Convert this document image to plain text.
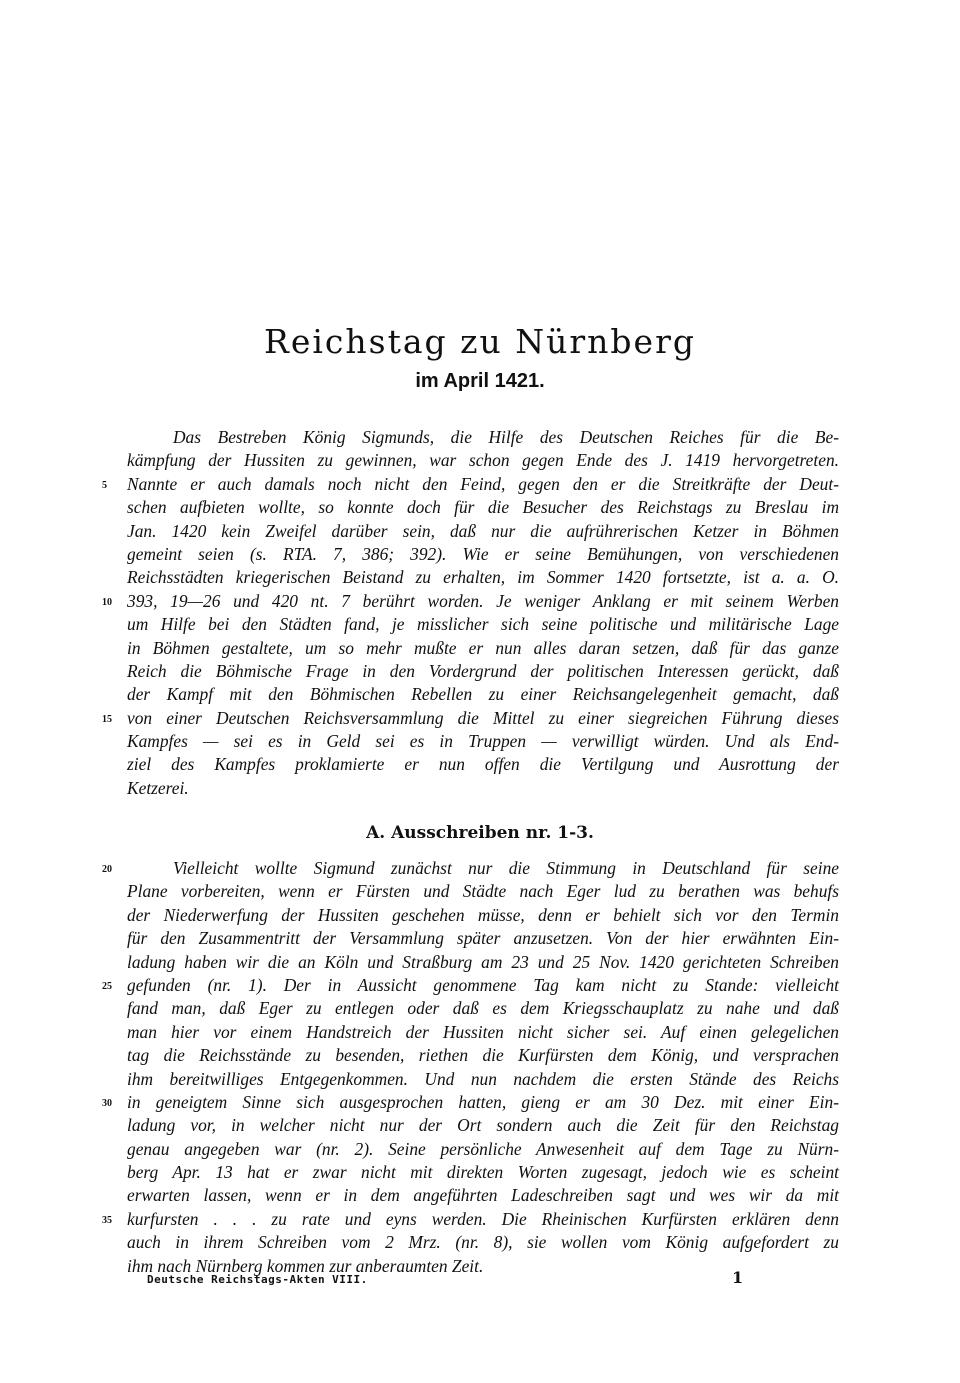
Reichstag zu Nürnberg
im April 1421.
Das Bestreben König Sigmunds, die Hilfe des Deutschen Reiches für die Be-
kämpfung der Hussiten zu gewinnen, war schon gegen Ende des J. 1419 hervorgetreten.
5 Nannte er auch damals noch nicht den Feind, gegen den er die Streitkräfte der Deut-
schen aufbieten wollte, so konnte doch für die Besucher des Reichstags zu Breslau im
Jan. 1420 kein Zweifel darüber sein, daß nur die aufrührerischen Ketzer in Böhmen
gemeint seien (s. RTA. 7, 386; 392). Wie er seine Bemühungen, von verschiedenen
Reichsstädten kriegerischen Beistand zu erhalten, im Sommer 1420 fortsetzte, ist a. a. O.
10 393, 19—26 und 420 nt. 7 berührt worden. Je weniger Anklang er mit seinem Werben
um Hilfe bei den Städten fand, je misslicher sich seine politische und militärische Lage
in Böhmen gestaltete, um so mehr mußte er nun alles daran setzen, daß für das ganze
Reich die Böhmische Frage in den Vordergrund der politischen Interessen gerückt, daß
der Kampf mit den Böhmischen Rebellen zu einer Reichsangelegenheit gemacht, daß
15 von einer Deutschen Reichsversammlung die Mittel zu einer siegreichen Führung dieses
Kampfes — sei es in Geld sei es in Truppen — verwilligt würden. Und als End-
ziel des Kampfes proklamierte er nun offen die Vertilgung und Ausrottung der
Ketzerei.
A. Ausschreiben nr. 1-3.
20	Vielleicht wollte Sigmund zunächst nur die Stimmung in Deutschland für seine
Plane vorbereiten, wenn er Fürsten und Städte nach Eger lud zu berathen was behufs
der Niederwerfung der Hussiten geschehen müsse, denn er behielt sich vor den Termin
für den Zusammentritt der Versammlung später anzusetzen. Von der hier erwähnten Ein-
ladung haben wir die an Köln und Straßburg am 23 und 25 Nov. 1420 gerichteten Schreiben
25 gefunden (nr. 1). Der in Aussicht genommene Tag kam nicht zu Stande: vielleicht
fand man, daß Eger zu entlegen oder daß es dem Kriegsschauplatz zu nahe und daß
man hier vor einem Handstreich der Hussiten nicht sicher sei. Auf einen gelegelichen
tag die Reichsstände zu besenden, riethen die Kurfürsten dem König, und versprachen
ihm bereitwilliges Entgegenkommen. Und nun nachdem die ersten Stände des Reichs
30 in geneigtem Sinne sich ausgesprochen hatten, gieng er am 30 Dez. mit einer Ein-
ladung vor, in welcher nicht nur der Ort sondern auch die Zeit für den Reichstag
genau angegeben war (nr. 2). Seine persönliche Anwesenheit auf dem Tage zu Nürn-
berg Apr. 13 hat er zwar nicht mit direkten Worten zugesagt, jedoch wie es scheint
erwarten lassen, wenn er in dem angeführten Ladeschreiben sagt und wes wir da mit
35 kurfursten . . . zu rate und eyns werden. Die Rheinischen Kurfürsten erklären denn
auch in ihrem Schreiben vom 2 Mrz. (nr. 8), sie wollen vom König aufgefordert zu
ihm nach Nürnberg kommen zur anberaumten Zeit.
Deutsche Reichstags-Akten VIII.	1
